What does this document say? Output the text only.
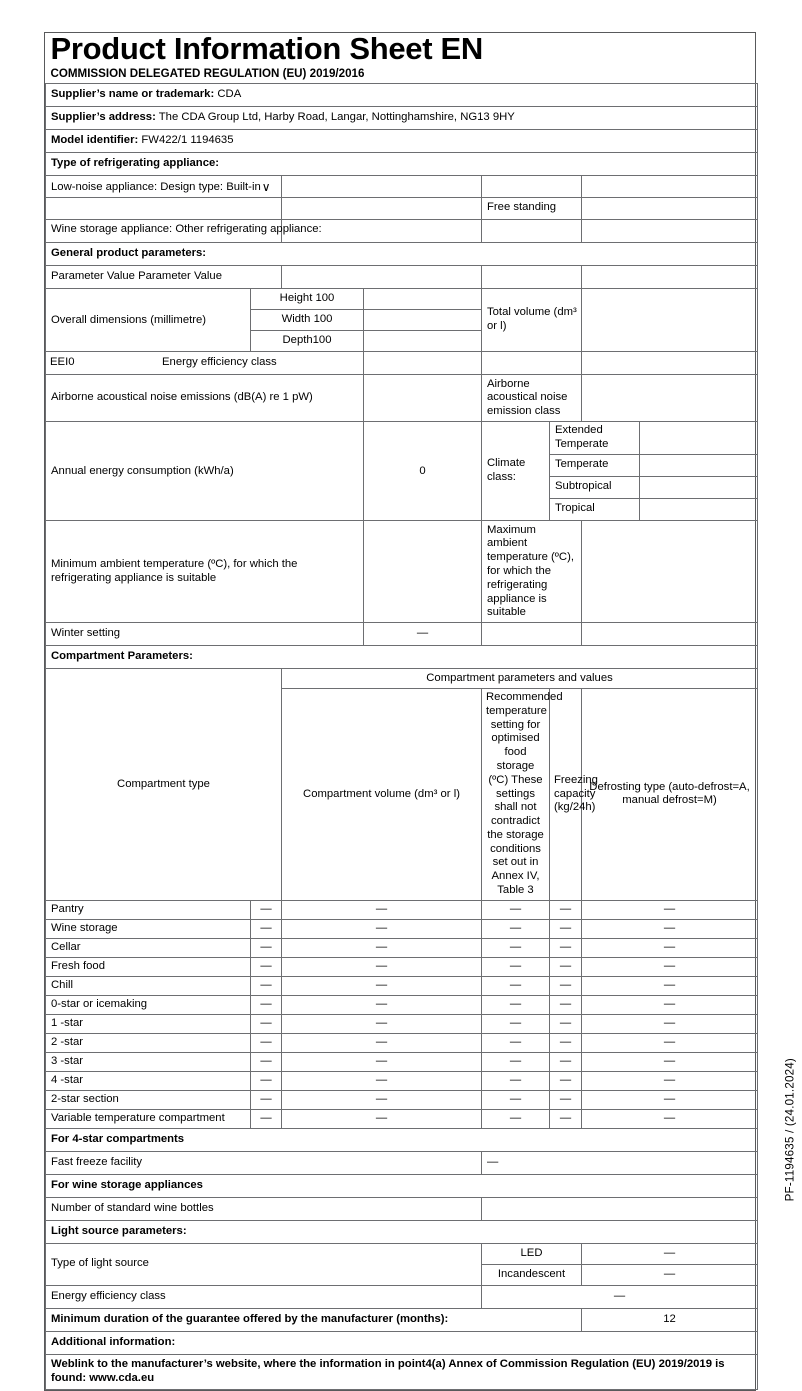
Product Information Sheet EN
COMMISSION DELEGATED REGULATION (EU) 2019/2016							

Supplier’s name or trademark: CDA							
Supplier’s address: The CDA Group Ltd, Harby Road, Langar, Nottinghamshire, NG13 9HY							
Model identifier: FW422/1 1194635							
Type of refrigerating appliance:							

Low-noise appliance: Design type: Built-in∨							

				Free standing			

Wine storage appliance: Other refrigerating appliance:							

General product parameters:							
Parameter Value Parameter Value							
Overall dimensions (millimetre)	Height 100			Total volume (dm³ or l)			
	Width 100						
	Depth100						

EEI0 Energy efficiency class							

Airborne acoustical noise emissions (dB(A) re 1 pW)				Airborne acoustical noise emission class			
Annual energy consumption (kWh/a)			0	Climate class:	Extended Temperate		
					Temperate		
					Subtropical		
					Tropical		
Minimum ambient temperature (ºC), for which the refrigerating appliance is suitable				Maximum ambient temperature (ºC), for which the refrigerating appliance is suitable			
Winter setting			—				
Compartment Parameters:							
Compartment type		Compartment parameters and values					
		Compartment volume (dm³ or l)		Recommended temperature setting for optimised food storage (ºC) These settings shall not contradict the storage conditions set out in Annex IV, Table 3	Freezing capacity (kg/24h)	Defrosting type (auto-defrost=A, manual defrost=M)	
Pantry	—	—		—	—	—	
Wine storage	—	—		—	—	—	
Cellar	—	—		—	—	—	
Fresh food	—	—		—	—	—	
Chill	—	—		—	—	—	
0-star or icemaking	—	—		—	—	—	
1 -star	—	—		—	—	—	
2 -star	—	—		—	—	—	
3 -star	—	—		—	—	—	
4 -star	—	—		—	—	—	
2-star section	—	—		—	—	—	
Variable temperature compartment	—	—		—	—	—	
For 4-star compartments							
Fast freeze facility				—			
For wine storage appliances							
Number of standard wine bottles							
Light source parameters:							
Type of light source				LED		—	
				Incandescent		—	
Energy efficiency class				—			
Minimum duration of the guarantee offered by the manufacturer (months):						12	
Additional information:							
Weblink to the manufacturer’s website, where the information in point4(a) Annex of Commission Regulation (EU) 2019/2019 is found: www.cda.eu							
PF-1194635 / (24.01.2024)
